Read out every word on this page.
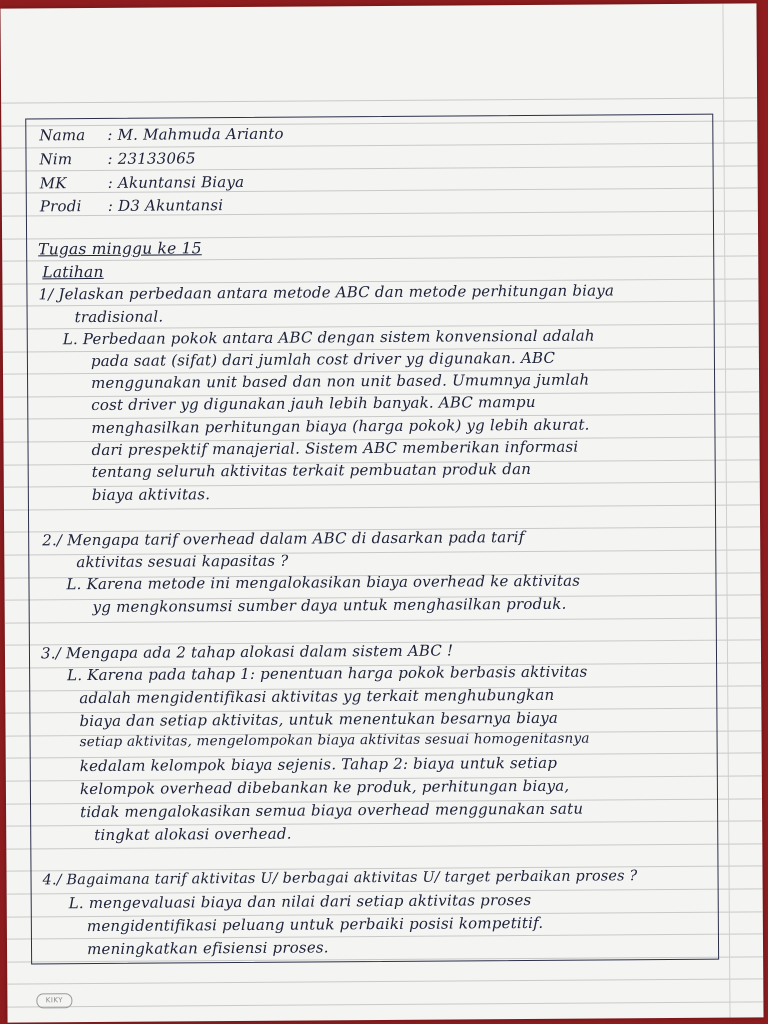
Nama : M. Mahmuda Arianto
Nim : 23133065
MK	: Akuntansi Biaya
Prodi : D3 Akuntansi
Tugas minggu ke 15
Latihan
1/ Jelaskan perbedaan antara metode ABC dan metode perhitungan biaya
tradisional.
L. Perbedaan pokok antara ABC dengan sistem konvensional adalah
pada saat (sifat) dari jumlah cost driver yg digunakan. ABC
menggunakan unit based dan non unit based. Umumnya jumlah
cost driver yg digunakan jauh lebih banyak. ABC mampu
menghasilkan perhitungan biaya (harga pokok) yg lebih akurat.
dari prespektif manajerial. Sistem ABC memberikan informasi
tentang seluruh aktivitas terkait pembuatan produk dan
biaya aktivitas.
2./ Mengapa tarif overhead dalam ABC di dasarkan pada tarif
aktivitas sesuai kapasitas ?
L. Karena metode ini mengalokasikan biaya overhead ke aktivitas
yg mengkonsumsi sumber daya untuk menghasilkan produk.
3./ Mengapa ada 2 tahap alokasi dalam sistem ABC !
L. Karena pada tahap 1: penentuan harga pokok berbasis aktivitas
adalah mengidentifikasi aktivitas yg terkait menghubungkan
biaya dan setiap aktivitas, untuk menentukan besarnya biaya
setiap aktivitas, mengelompokan biaya aktivitas sesuai homogenitasnya
kedalam kelompok biaya sejenis. Tahap 2: biaya untuk setiap
kelompok overhead dibebankan ke produk, perhitungan biaya,
tidak mengalokasikan semua biaya overhead menggunakan satu
tingkat alokasi overhead.
4./ Bagaimana tarif aktivitas U/ berbagai aktivitas U/ target perbaikan proses ?
L. mengevaluasi biaya dan nilai dari setiap aktivitas proses
mengidentifikasi peluang untuk perbaiki posisi kompetitif.
meningkatkan efisiensi proses.
KIKY
